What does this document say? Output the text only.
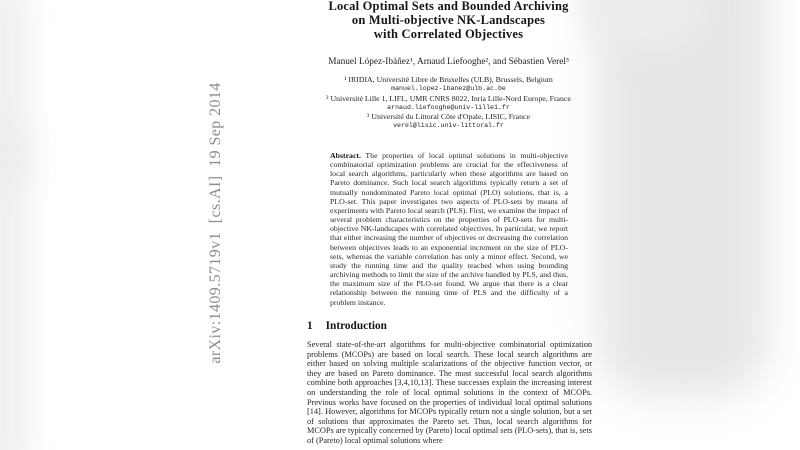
arXiv:1409.5719v1  [cs.AI]  19 Sep 2014
Local Optimal Sets and Bounded Archiving
on Multi-objective NK-Landscapes
with Correlated Objectives
Manuel López-Ibáñez¹, Arnaud Liefooghe², and Sébastien Verel³
¹ IRIDIA, Université Libre de Bruxelles (ULB), Brussels, Belgium
manuel.lopez-ibanez@ulb.ac.be
² Université Lille 1, LIFL, UMR CNRS 8022, Inria Lille-Nord Europe, France
arnaud.liefooghe@univ-lille1.fr
³ Université du Littoral Côte d'Opale, LISIC, France
verel@lisic.univ-littoral.fr
Abstract. The properties of local optimal solutions in multi-objective combinatorial optimization problems are crucial for the effectiveness of local search algorithms, particularly when these algorithms are based on Pareto dominance. Such local search algorithms typically return a set of mutually nondominated Pareto local optimal (PLO) solutions, that is, a PLO-set. This paper investigates two aspects of PLO-sets by means of experiments with Pareto local search (PLS). First, we examine the impact of several problem characteristics on the properties of PLO-sets for multi-objective NK-landscapes with correlated objectives. In particular, we report that either increasing the number of objectives or decreasing the correlation between objectives leads to an exponential increment on the size of PLO-sets, whereas the variable correlation has only a minor effect. Second, we study the running time and the quality reached when using bounding archiving methods to limit the size of the archive handled by PLS, and thus, the maximum size of the PLO-set found. We argue that there is a clear relationship between the running time of PLS and the difficulty of a problem instance.
1 Introduction
Several state-of-the-art algorithms for multi-objective combinatorial optimization problems (MCOPs) are based on local search. These local search algorithms are either based on solving multiple scalarizations of the objective function vector, or they are based on Pareto dominance. The most successful local search algorithms combine both approaches [3,4,10,13]. These successes explain the increasing interest on understanding the role of local optimal solutions in the context of MCOPs. Previous works have focused on the properties of individual local optimal solutions [14]. However, algorithms for MCOPs typically return not a single solution, but a set of solutions that approximates the Pareto set. Thus, local search algorithms for MCOPs are typically concerned by (Pareto) local optimal sets (PLO-sets), that is, sets of (Pareto) local optimal solutions where
